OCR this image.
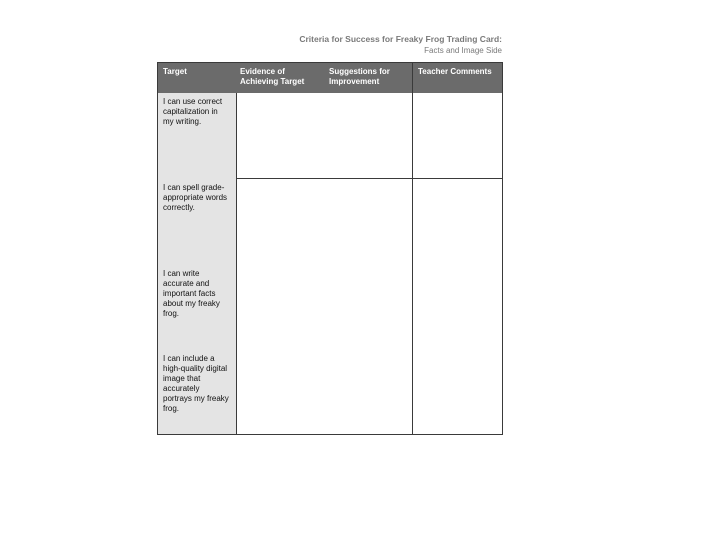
Criteria for Success for Freaky Frog Trading Card:
Facts and Image Side
Target	Evidence of
Achieving Target
Suggestions for
Improvement
Teacher Comments
I can use correct
capitalization in
my writing.
I can spell grade-
appropriate words
correctly.
I can write
accurate and
important facts
about my freaky
frog.
I can include a
high-quality digital
image that
accurately
portrays my freaky
frog.
